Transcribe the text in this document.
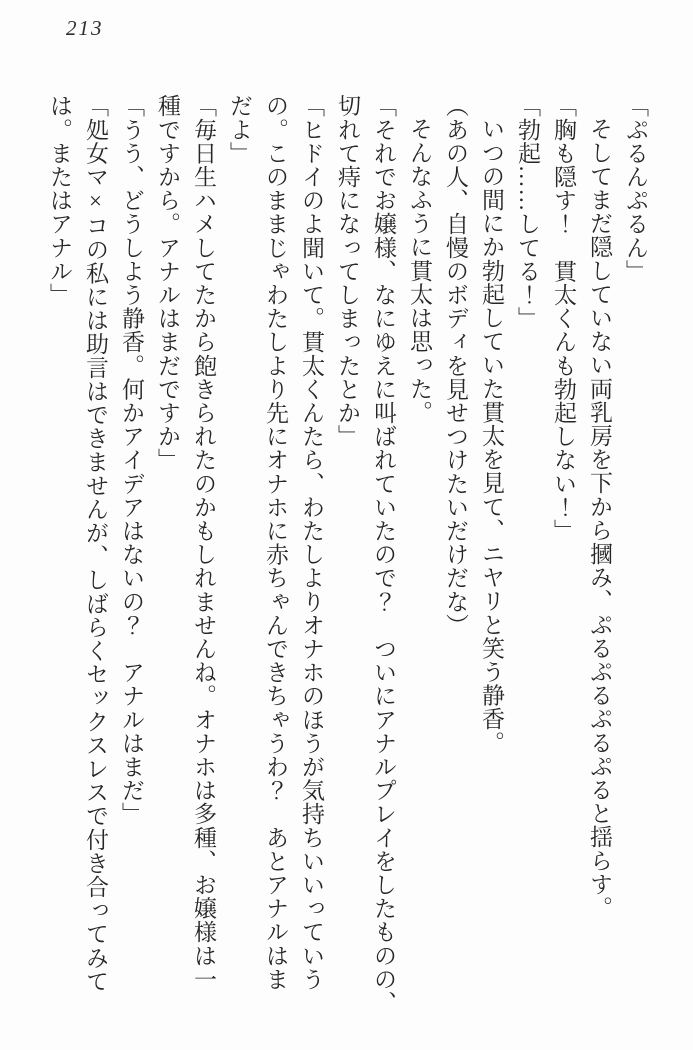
213

「ぷるんぷるん」

そしてまだ隠していない両乳房を下から摑み、ぷるぷるぷるぷると揺らす。

「胸も隠す！　貫太くんも勃起しない！」

「勃起……してる！」

いつの間にか勃起していた貫太を見て、ニヤリと笑う静香。

（あの人、自慢のボディを見せつけたいだけだな）

そんなふうに貫太は思った。

「それでお嬢様、なにゆえに叫ばれていたので？　ついにアナルプレイをしたものの、

切れて痔になってしまったとか」

「ヒドイのよ聞いて。貫太くんたら、わたしよりオナホのほうが気持ちいいっていう

の。このままじゃわたしより先にオナホに赤ちゃんできちゃうわ？　あとアナルはま

だよ」

「毎日生ハメしてたから飽きられたのかもしれませんね。オナホは多種、お嬢様は一

種ですから。アナルはまだですか」

「うう、どうしよう静香。何かアイデアはないの？　アナルはまだ」

「処女マ×コの私には助言はできませんが、しばらくセックスレスで付き合ってみて

は。またはアナル」
